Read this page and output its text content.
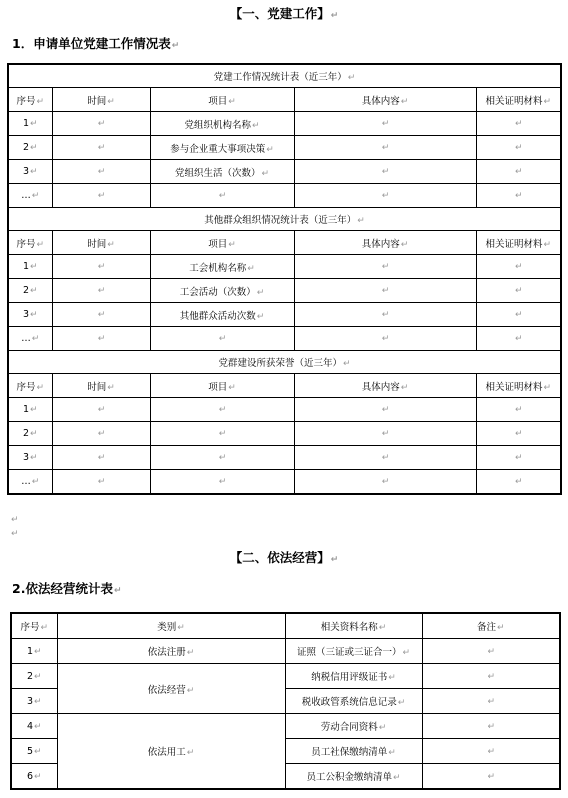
【一、党建工作】 ↵
1．申请单位党建工作情况表 ↵
党建工作情况统计表（近三年） ↵
序号 ↵	时间 ↵	项目 ↵	具体内容 ↵	相关证明材料 ↵
1 ↵	↵	党组织机构名称 ↵	↵	↵
2 ↵	↵	参与企业重大事项决策 ↵	↵	↵
3 ↵	↵	党组织生活（次数） ↵	↵	↵
… ↵	↵	↵	↵	↵
其他群众组织情况统计表（近三年） ↵
序号 ↵	时间 ↵	项目 ↵	具体内容 ↵	相关证明材料 ↵
1 ↵	↵	工会机构名称 ↵	↵	↵
2 ↵	↵	工会活动（次数） ↵	↵	↵
3 ↵	↵	其他群众活动次数 ↵	↵	↵
… ↵	↵	↵	↵	↵
党群建设所获荣誉（近三年） ↵
序号 ↵	时间 ↵	项目 ↵	具体内容 ↵	相关证明材料 ↵
1 ↵	↵	↵	↵	↵
2 ↵	↵	↵	↵	↵
3 ↵	↵	↵	↵	↵
… ↵	↵	↵	↵	↵
↵
↵
【二、依法经营】 ↵
2.依法经营统计表 ↵
序号 ↵	类别 ↵	相关资料名称 ↵	备注 ↵
1 ↵	依法注册 ↵	证照（三证或三证合一） ↵	↵
2 ↵	依法经营 ↵	纳税信用评级证书 ↵	↵
3 ↵		税收政管系统信息记录 ↵	↵
4 ↵	依法用工 ↵	劳动合同资料 ↵	↵
5 ↵		员工社保缴纳清单 ↵	↵
6 ↵		员工公积金缴纳清单 ↵	↵
